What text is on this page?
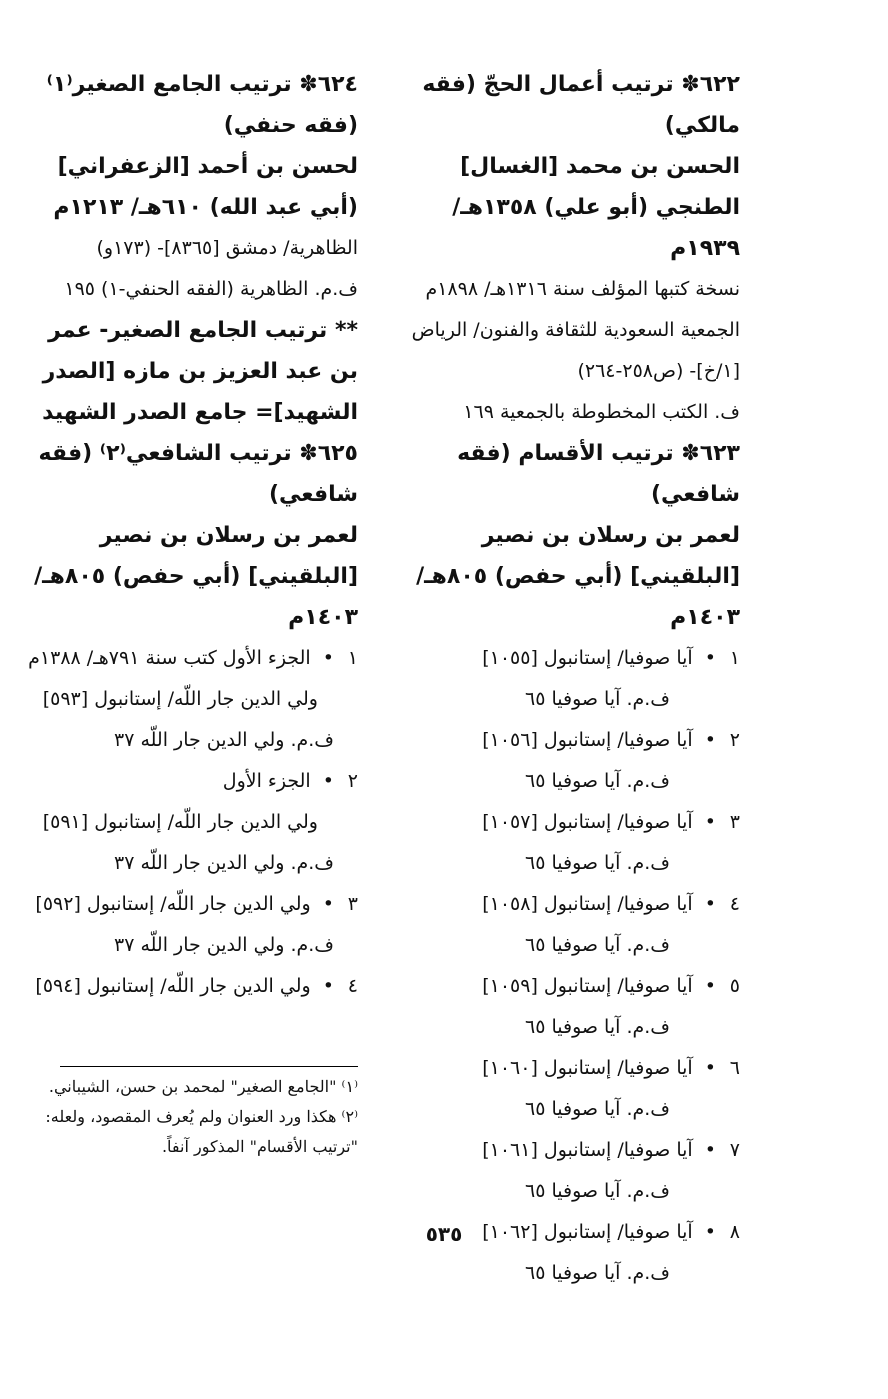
٦٢٢✽ ترتيب أعمال الحجّ (فقه مالكي)
الحسن بن محمد [الغسال] الطنجي (أبو علي) ١٣٥٨هـ/ ١٩٣٩م
نسخة كتبها المؤلف سنة ١٣١٦هـ/ ١٨٩٨م
الجمعية السعودية للثقافة والفنون/ الرياض [١/خ]- (ص٢٥٨-٢٦٤)
ف. الكتب المخطوطة بالجمعية ١٦٩
٦٢٣✽ ترتيب الأقسام (فقه شافعي)
لعمر بن رسلان بن نصير [البلقيني] (أبي حفص) ٨٠٥هـ/ ١٤٠٣م
١ • آيا صوفيا/ إستانبول [١٠٥٥]
ف.م. آيا صوفيا ٦٥
٢ • آيا صوفيا/ إستانبول [١٠٥٦]
ف.م. آيا صوفيا ٦٥
٣ • آيا صوفيا/ إستانبول [١٠٥٧]
ف.م. آيا صوفيا ٦٥
٤ • آيا صوفيا/ إستانبول [١٠٥٨]
ف.م. آيا صوفيا ٦٥
٥ • آيا صوفيا/ إستانبول [١٠٥٩]
ف.م. آيا صوفيا ٦٥
٦ • آيا صوفيا/ إستانبول [١٠٦٠]
ف.م. آيا صوفيا ٦٥
٧ • آيا صوفيا/ إستانبول [١٠٦١]
ف.م. آيا صوفيا ٦٥
٨ • آيا صوفيا/ إستانبول [١٠٦٢]
ف.م. آيا صوفيا ٦٥
٦٢٤✽ ترتيب الجامع الصغير⁽١⁾ (فقه حنفي)
لحسن بن أحمد [الزعفراني] (أبي عبد الله) ٦١٠هـ/ ١٢١٣م
الظاهرية/ دمشق [٨٣٦٥]- (١٧٣و)
ف.م. الظاهرية (الفقه الحنفي-١) ١٩٥
** ترتيب الجامع الصغير- عمر بن عبد العزيز بن مازه [الصدر الشهيد]= جامع الصدر الشهيد
٦٢٥✽ ترتيب الشافعي⁽٢⁾ (فقه شافعي)
لعمر بن رسلان بن نصير [البلقيني] (أبي حفص) ٨٠٥هـ/ ١٤٠٣م
١ • الجزء الأول كتب سنة ٧٩١هـ/ ١٣٨٨م
ولي الدين جار اللّه/ إستانبول [٥٩٣]
ف.م. ولي الدين جار اللّه ٣٧
٢ • الجزء الأول
ولي الدين جار اللّه/ إستانبول [٥٩١]
ف.م. ولي الدين جار اللّه ٣٧
٣ • ولي الدين جار اللّه/ إستانبول [٥٩٢]
ف.م. ولي الدين جار اللّه ٣٧
٤ • ولي الدين جار اللّه/ إستانبول [٥٩٤]
⁽١⁾ "الجامع الصغير" لمحمد بن حسن، الشيباني.
⁽٢⁾ هكذا ورد العنوان ولم يُعرف المقصود، ولعله: "ترتيب الأقسام" المذكور آنفاً.
٥٣٥
